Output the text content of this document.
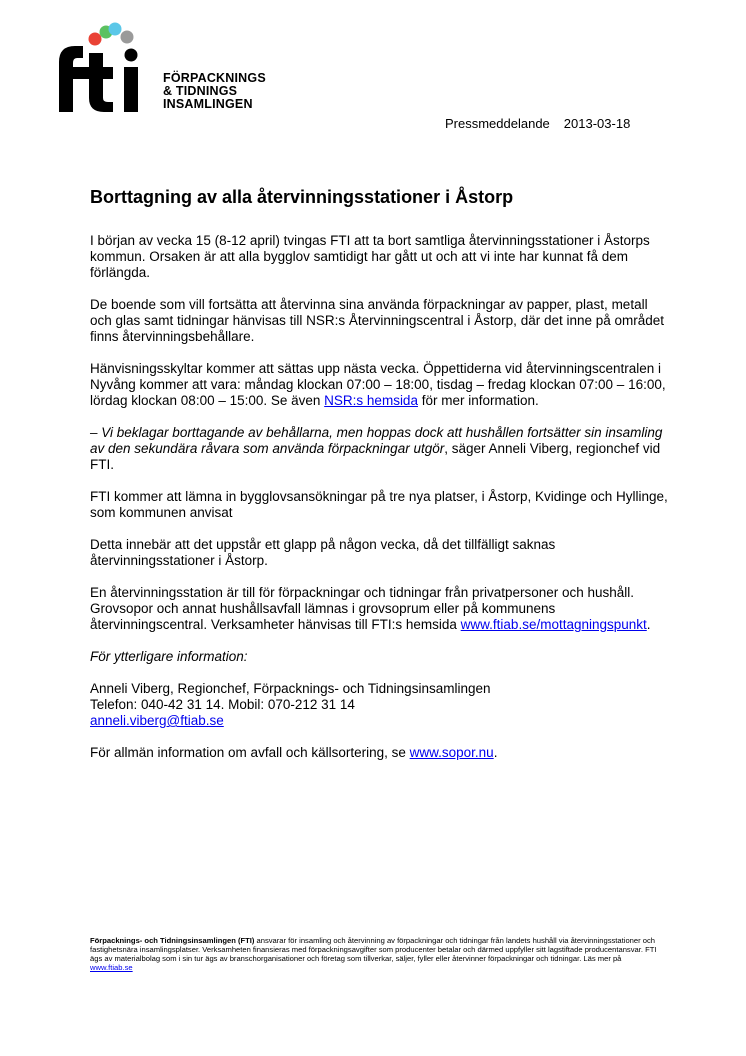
FÖRPACKNINGS
& TIDNINGS
INSAMLINGEN
Pressmeddelande 2013-03-18
Borttagning av alla återvinningsstationer i Åstorp

I början av vecka 15 (8-12 april) tvingas FTI att ta bort samtliga återvinningsstationer i Åstorps kommun. Orsaken är att alla bygglov samtidigt har gått ut och att vi inte har kunnat få dem förlängda.

De boende som vill fortsätta att återvinna sina använda förpackningar av papper, plast, metall och glas samt tidningar hänvisas till NSR:s Återvinningscentral i Åstorp, där det inne på området finns återvinningsbehållare.

Hänvisningsskyltar kommer att sättas upp nästa vecka. Öppettiderna vid återvinningscentralen i Nyvång kommer att vara: måndag klockan 07:00 – 18:00, tisdag – fredag klockan 07:00 – 16:00, lördag klockan 08:00 – 15:00. Se även NSR:s hemsida för mer information.

– Vi beklagar borttagande av behållarna, men hoppas dock att hushållen fortsätter sin insamling av den sekundära råvara som använda förpackningar utgör, säger Anneli Viberg, regionchef vid FTI.

FTI kommer att lämna in bygglovsansökningar på tre nya platser, i Åstorp, Kvidinge och Hyllinge, som kommunen anvisat

Detta innebär att det uppstår ett glapp på någon vecka, då det tillfälligt saknas återvinningsstationer i Åstorp.

En återvinningsstation är till för förpackningar och tidningar från privatpersoner och hushåll. Grovsopor och annat hushållsavfall lämnas i grovsoprum eller på kommunens återvinningscentral. Verksamheter hänvisas till FTI:s hemsida www.ftiab.se/mottagningspunkt.

För ytterligare information:

Anneli Viberg, Regionchef, Förpacknings- och Tidningsinsamlingen
Telefon: 040-42 31 14. Mobil: 070-212 31 14
anneli.viberg@ftiab.se

För allmän information om avfall och källsortering, se www.sopor.nu.

Förpacknings- och Tidningsinsamlingen (FTI) ansvarar för insamling och återvinning av förpackningar och tidningar från landets hushåll via återvinningsstationer och fastighetsnära insamlingsplatser. Verksamheten finansieras med förpackningsavgifter som producenter betalar och därmed uppfyller sitt lagstiftade producentansvar. FTI ägs av materialbolag som i sin tur ägs av branschorganisationer och företag som tillverkar, säljer, fyller eller återvinner förpackningar och tidningar. Läs mer på www.ftiab.se
